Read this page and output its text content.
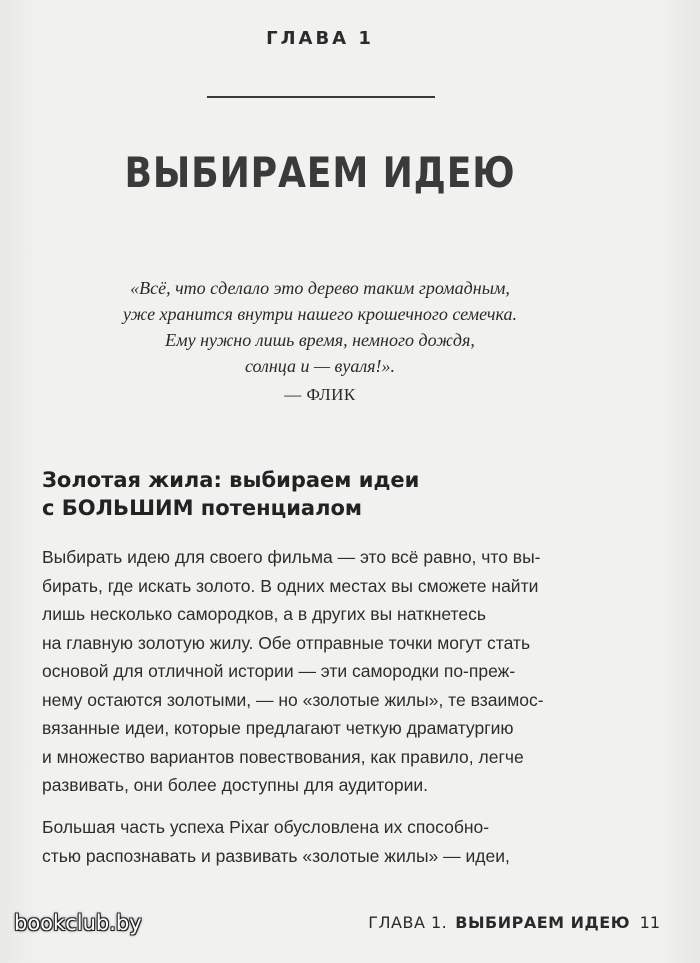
ГЛАВА 1
ВЫБИРАЕМ ИДЕЮ
«Всё, что сделало это дерево таким громадным,
уже хранится внутри нашего крошечного семечка.
Ему нужно лишь время, немного дождя,
солнца и — вуаля!».
— ФЛИК
Золотая жила: выбираем идеи
с БОЛЬШИМ потенциалом
Выбирать идею для своего фильма — это всё равно, что вы-
бирать, где искать золото. В одних местах вы сможете найти
лишь несколько самородков, а в других вы наткнетесь
на главную золотую жилу. Обе отправные точки могут стать
основой для отличной истории — эти самородки по-преж-
нему остаются золотыми, — но «золотые жилы», те взаимос-
вязанные идеи, которые предлагают четкую драматургию
и множество вариантов повествования, как правило, легче
развивать, они более доступны для аудитории.
Большая часть успеха Pixar обусловлена их способно-
стью распознавать и развивать «золотые жилы» — идеи,
bookclub.by	ГЛАВА 1. ВЫБИРАЕМ ИДЕЮ 11
